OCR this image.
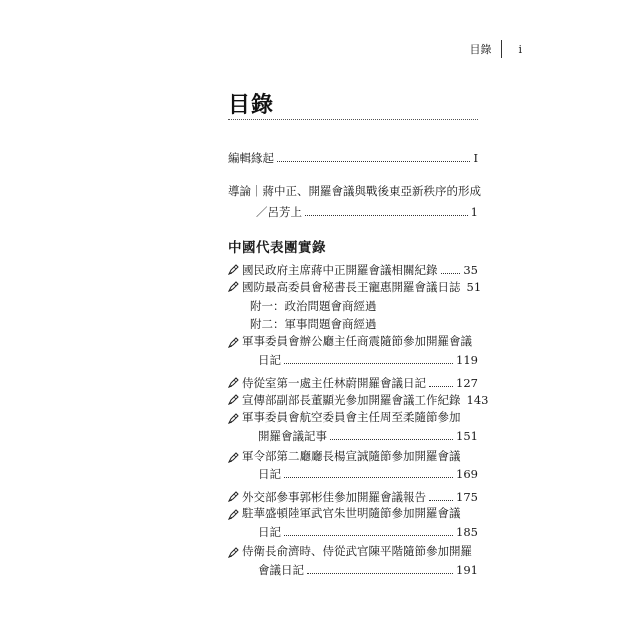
目錄 i
目錄
編輯緣起	I
導論｜蔣中正、開羅會議與戰後東亞新秩序的形成
／呂芳上	1
中國代表團實錄
國民政府主席蔣中正開羅會議相關紀錄 35
國防最高委員會秘書長王寵惠開羅會議日誌 51
附一：政治問題會商經過
附二：軍事問題會商經過
軍事委員會辦公廳主任商震隨節參加開羅會議
日記	119
侍從室第一處主任林蔚開羅會議日記	127
宣傳部副部長董顯光參加開羅會議工作紀錄 143
軍事委員會航空委員會主任周至柔隨節參加
開羅會議記事	151
軍令部第二廳廳長楊宣誠隨節參加開羅會議
日記	169
外交部參事郭彬佳參加開羅會議報告	175
駐華盛頓陸軍武官朱世明隨節參加開羅會議
日記	185
侍衛長俞濟時、侍從武官陳平階隨節參加開羅
會議日記	191
